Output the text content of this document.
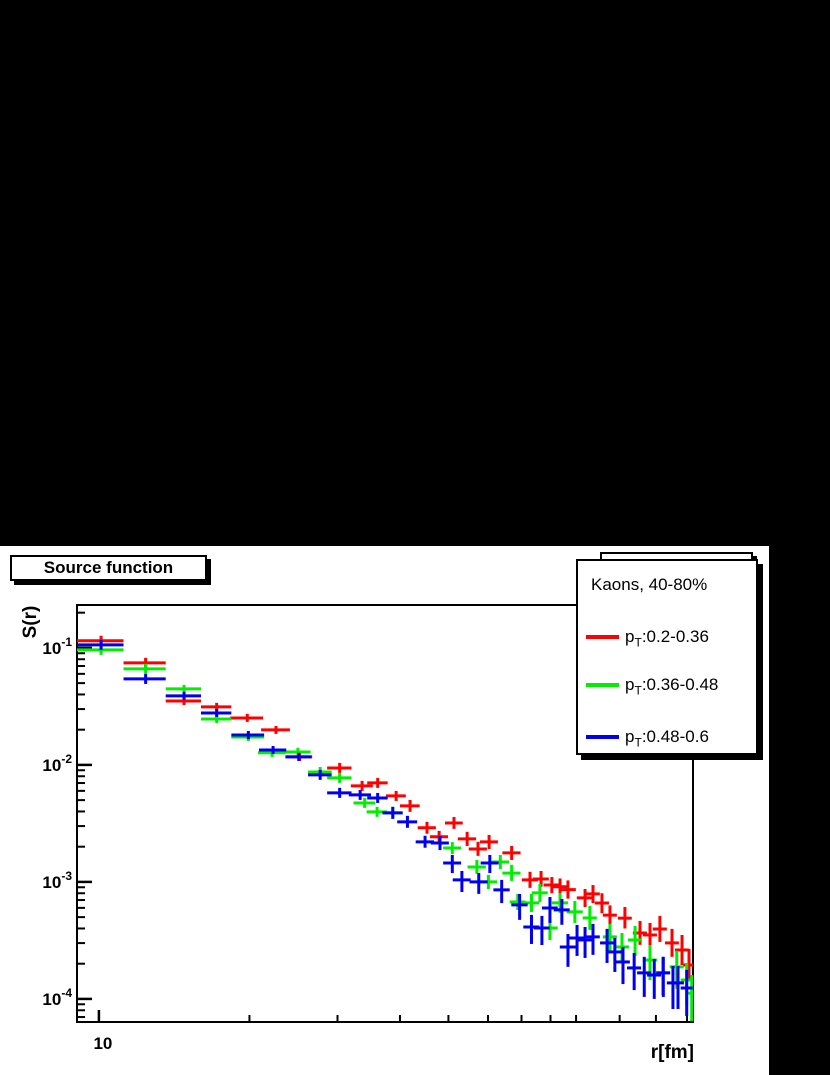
$10^{-1}$
$10^{-2}$
$10^{-3}$
$10^{-4}$
10
S(r)
r[fm]
Source function
Kaons, 40-80%
$p_T:0.2-0.36$
$p_T:0.36-0.48$
$p_T:0.48-0.6$
